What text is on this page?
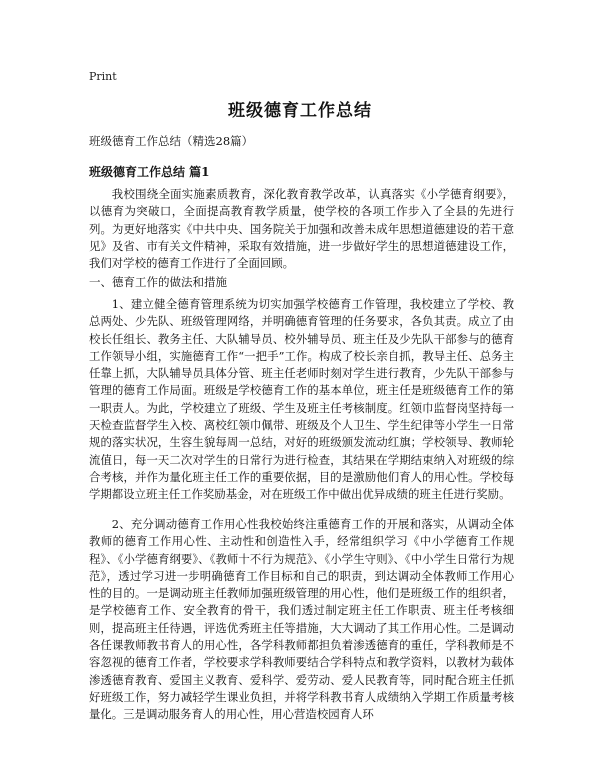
Print
班级德育工作总结
班级德育工作总结（精选28篇）
班级德育工作总结 篇1

我校围绕全面实施素质教育，深化教育教学改革，认真落实《小学德育纲要》，以德育为突破口，全面提高教育教学质量，使学校的各项工作步入了全县的先进行列。为更好地落实《中共中央、国务院关于加强和改善未成年思想道德建设的若干意见》及省、市有关文件精神，采取有效措施，进一步做好学生的思想道德建设工作，我们对学校的德育工作进行了全面回顾。

一、德育工作的做法和措施

1、建立健全德育管理系统为切实加强学校德育工作管理，我校建立了学校、教总两处、少先队、班级管理网络，并明确德育管理的任务要求，各负其责。成立了由校长任组长、教务主任、大队辅导员、校外辅导员、班主任及少先队干部参与的德育工作领导小组，实施德育工作“一把手”工作。构成了校长亲自抓，教导主任、总务主任靠上抓，大队辅导员具体分管、班主任老师时刻对学生进行教育，少先队干部参与管理的德育工作局面。班级是学校德育工作的基本单位，班主任是班级德育工作的第一职责人。为此，学校建立了班级、学生及班主任考核制度。红领巾监督岗坚持每一天检查监督学生入校、离校红领巾佩带、班级及个人卫生、学生纪律等小学生一日常规的落实状况，生容生貌每周一总结，对好的班级颁发流动红旗；学校领导、教师轮流值日，每一天二次对学生的日常行为进行检查，其结果在学期结束纳入对班级的综合考核，并作为量化班主任工作的重要依据，目的是激励他们育人的用心性。学校每学期都设立班主任工作奖励基金，对在班级工作中做出优异成绩的班主任进行奖励。

2、充分调动德育工作用心性我校始终注重德育工作的开展和落实，从调动全体教师的德育工作用心性、主动性和创造性入手，经常组织学习《中小学德育工作规程》、《小学德育纲要》、《教师十不行为规范》、《小学生守则》、《中小学生日常行为规范》，透过学习进一步明确德育工作目标和自己的职责，到达调动全体教师工作用心性的目的。一是调动班主任教师加强班级管理的用心性，他们是班级工作的组织者，是学校德育工作、安全教育的骨干，我们透过制定班主任工作职责、班主任考核细则，提高班主任待遇，评选优秀班主任等措施，大大调动了其工作用心性。二是调动各任课教师教书育人的用心性，各学科教师都担负着渗透德育的重任，学科教师是不容忽视的德育工作者，学校要求学科教师要结合学科特点和教学资料，以教材为载体渗透德育教育、爱国主义教育、爱科学、爱劳动、爱人民教育等，同时配合班主任抓好班级工作，努力减轻学生课业负担，并将学科教书育人成绩纳入学期工作质量考核量化。三是调动服务育人的用心性，用心营造校园育人环
